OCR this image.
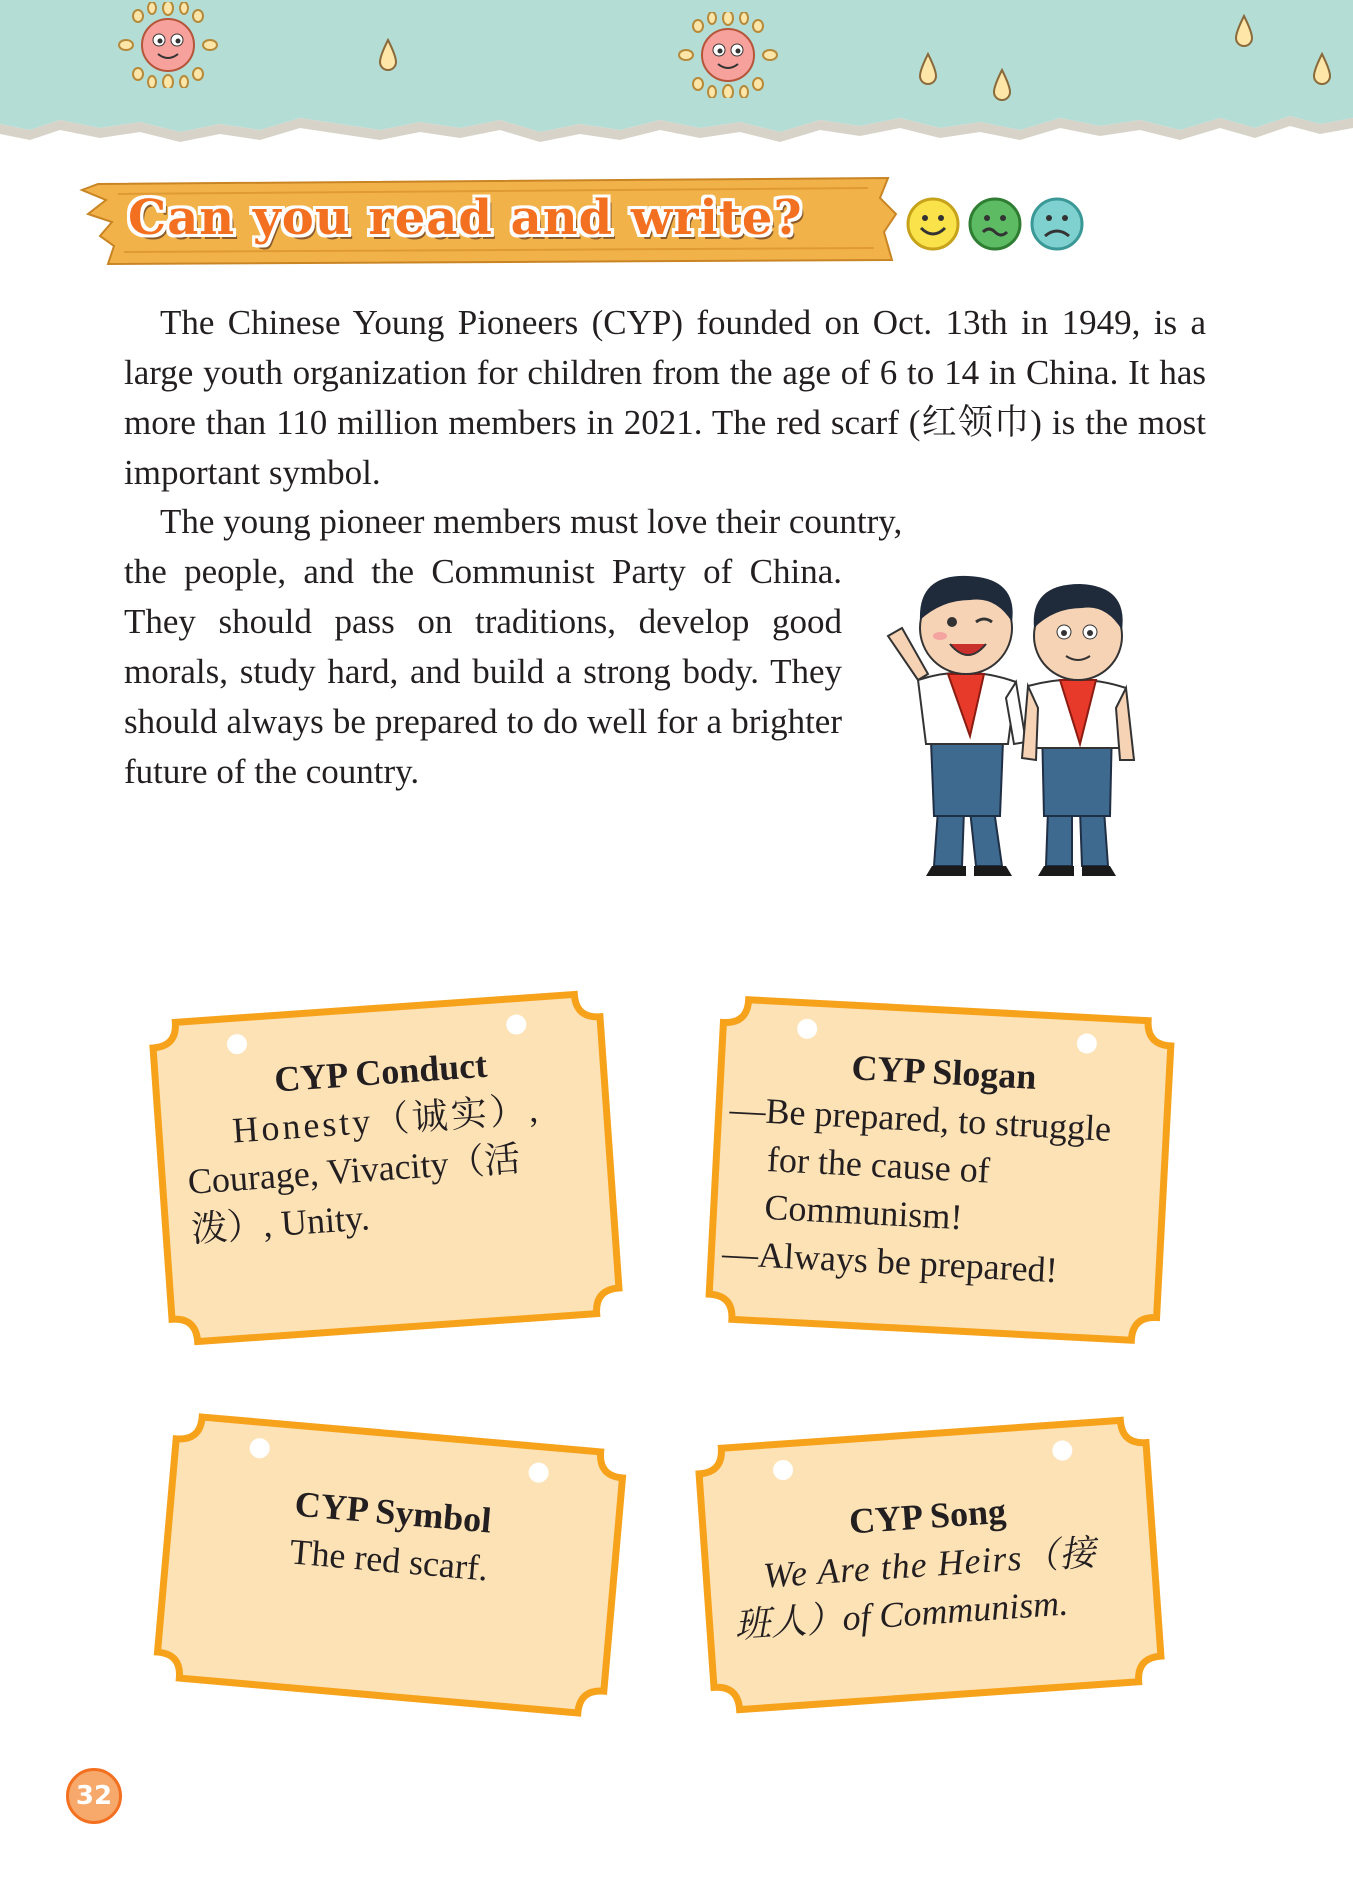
Can you read and write?

The Chinese Young Pioneers (CYP) founded on Oct. 13th in 1949, is a large youth organization for children from the age of 6 to 14 in China. It has more than 110 million members in 2021. The red scarf (红领巾) is the most important symbol.

The young pioneer members must love their country,

the people, and the Communist Party of China. They should pass on traditions, develop good morals, study hard, and build a strong body. They should always be prepared to do well for a brighter future of the country.

CYP Conduct
Honesty（诚实）,
Courage, Vivacity（活
泼）, Unity.
CYP Slogan
—Be prepared, to struggle
for the cause of
Communism!
—Always be prepared!
CYP Symbol
The red scarf.
CYP Song
We Are the Heirs（接
班人）of Communism.
32
